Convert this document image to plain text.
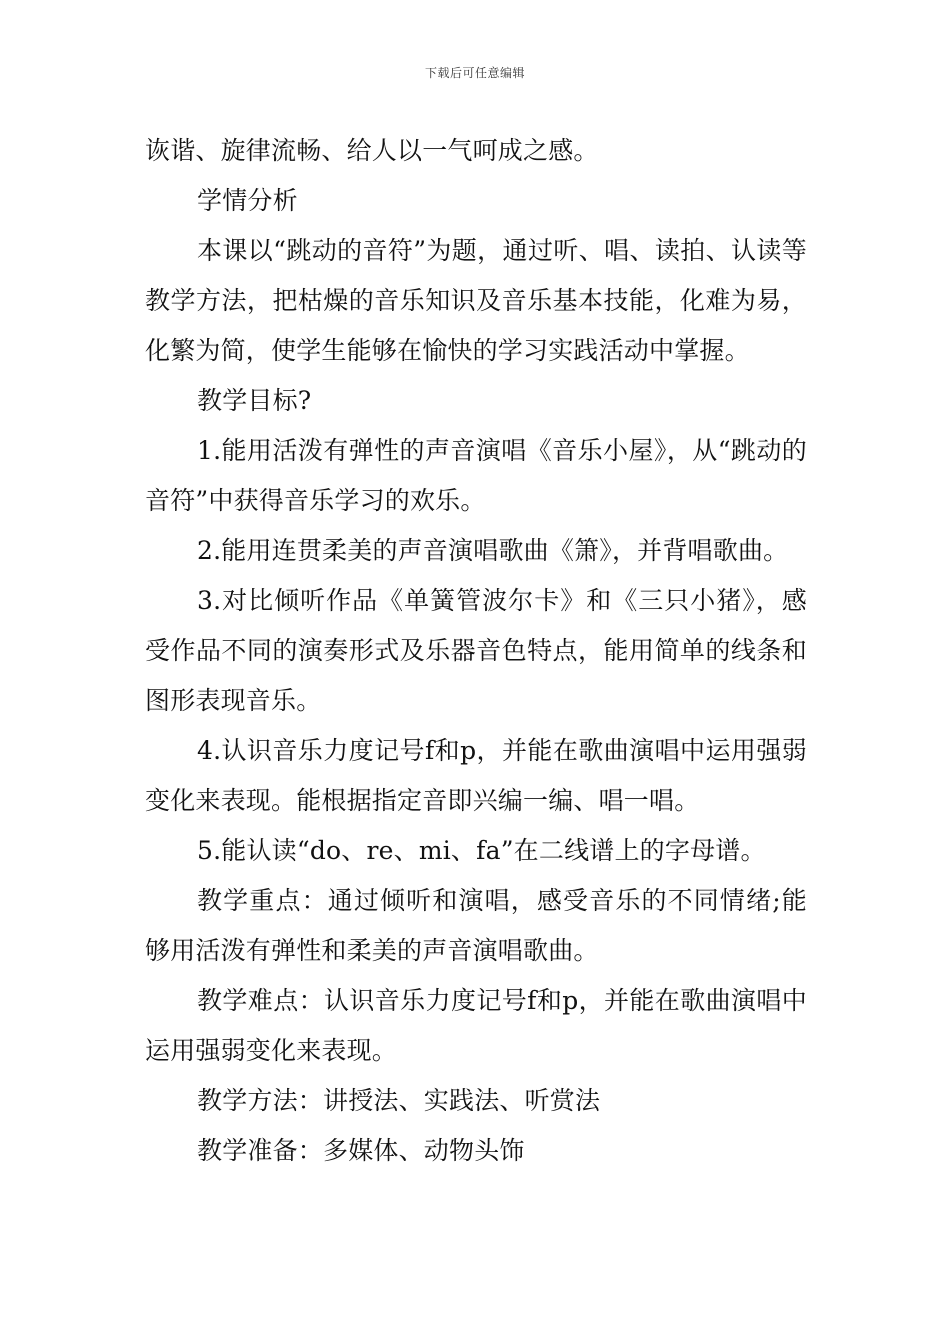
下载后可任意编辑

诙谐、旋律流畅、给人以一气呵成之感。

学情分析

本课以“跳动的音符”为题，通过听、唱、读拍、认读等教学方法，把枯燥的音乐知识及音乐基本技能，化难为易，化繁为简，使学生能够在愉快的学习实践活动中掌握。

教学目标?

1.能用活泼有弹性的声音演唱《音乐小屋》，从“跳动的音符”中获得音乐学习的欢乐。

2.能用连贯柔美的声音演唱歌曲《箫》，并背唱歌曲。

3.对比倾听作品《单簧管波尔卡》和《三只小猪》，感受作品不同的演奏形式及乐器音色特点，能用简单的线条和图形表现音乐。

4.认识音乐力度记号f和p，并能在歌曲演唱中运用强弱变化来表现。能根据指定音即兴编一编、唱一唱。

5.能认读“do、re、mi、fa”在二线谱上的字母谱。

教学重点：通过倾听和演唱，感受音乐的不同情绪;能够用活泼有弹性和柔美的声音演唱歌曲。

教学难点：认识音乐力度记号f和p，并能在歌曲演唱中运用强弱变化来表现。

教学方法：讲授法、实践法、听赏法

教学准备：多媒体、动物头饰
